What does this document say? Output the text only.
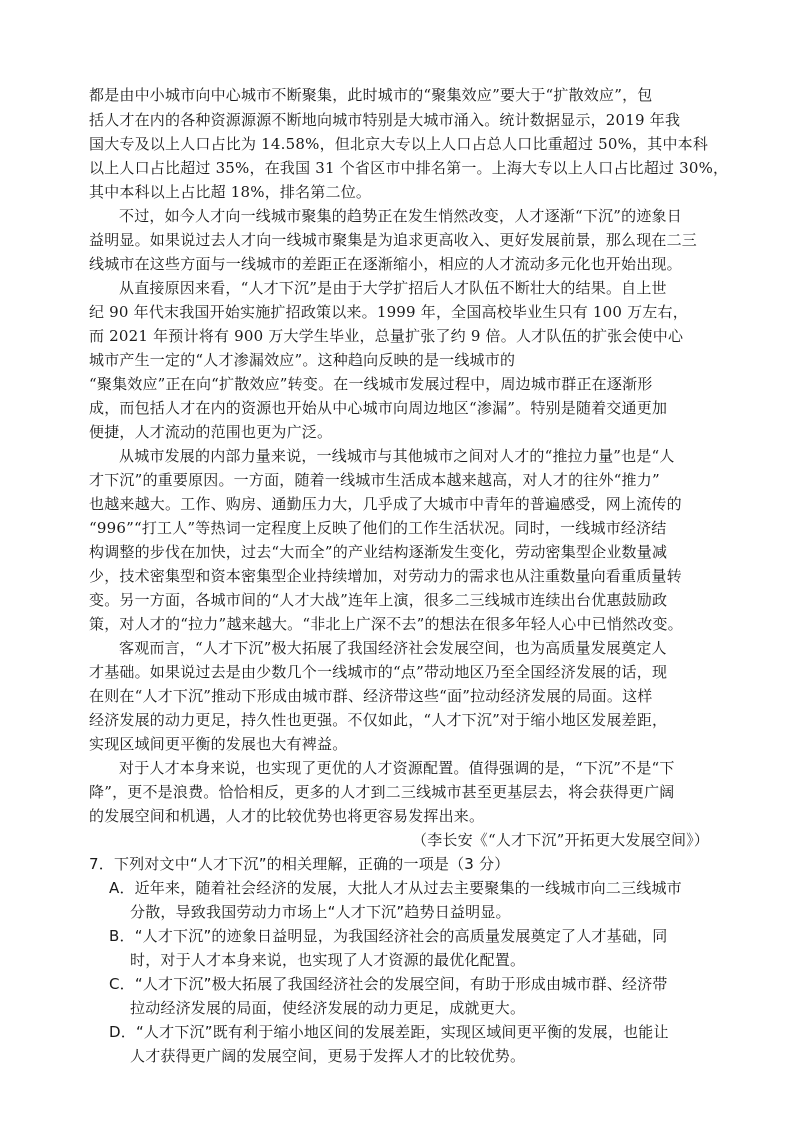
都是由中小城市向中心城市不断聚集，此时城市的“聚集效应”要大于“扩散效应”，包
括人才在内的各种资源源源不断地向城市特别是大城市涌入。统计数据显示，2019 年我
国大专及以上人口占比为 14.58%，但北京大专以上人口占总人口比重超过 50%，其中本科
以上人口占比超过 35%，在我国 31 个省区市中排名第一。上海大专以上人口占比超过 30%，
其中本科以上占比超 18%，排名第二位。
不过，如今人才向一线城市聚集的趋势正在发生悄然改变，人才逐渐“下沉”的迹象日
益明显。如果说过去人才向一线城市聚集是为追求更高收入、更好发展前景，那么现在二三
线城市在这些方面与一线城市的差距正在逐渐缩小，相应的人才流动多元化也开始出现。
从直接原因来看，“人才下沉”是由于大学扩招后人才队伍不断壮大的结果。自上世
纪 90 年代末我国开始实施扩招政策以来。1999 年，全国高校毕业生只有 100 万左右，
而 2021 年预计将有 900 万大学生毕业，总量扩张了约 9 倍。人才队伍的扩张会使中心
城市产生一定的“人才渗漏效应”。这种趋向反映的是一线城市的
“聚集效应”正在向“扩散效应”转变。在一线城市发展过程中，周边城市群正在逐渐形
成，而包括人才在内的资源也开始从中心城市向周边地区“渗漏”。特别是随着交通更加
便捷，人才流动的范围也更为广泛。
从城市发展的内部力量来说，一线城市与其他城市之间对人才的“推拉力量”也是“人
才下沉”的重要原因。一方面，随着一线城市生活成本越来越高，对人才的往外“推力”
也越来越大。工作、购房、通勤压力大，几乎成了大城市中青年的普遍感受，网上流传的
“996”“打工人”等热词一定程度上反映了他们的工作生活状况。同时，一线城市经济结
构调整的步伐在加快，过去“大而全”的产业结构逐渐发生变化，劳动密集型企业数量减
少，技术密集型和资本密集型企业持续增加，对劳动力的需求也从注重数量向看重质量转
变。另一方面，各城市间的“人才大战”连年上演，很多二三线城市连续出台优惠鼓励政
策，对人才的“拉力”越来越大。“非北上广深不去”的想法在很多年轻人心中已悄然改变。
客观而言，“人才下沉”极大拓展了我国经济社会发展空间，也为高质量发展奠定人
才基础。如果说过去是由少数几个一线城市的“点”带动地区乃至全国经济发展的话，现
在则在“人才下沉”推动下形成由城市群、经济带这些“面”拉动经济发展的局面。这样
经济发展的动力更足，持久性也更强。不仅如此，“人才下沉”对于缩小地区发展差距，
实现区域间更平衡的发展也大有裨益。
对于人才本身来说，也实现了更优的人才资源配置。值得强调的是，“下沉”不是“下
降”，更不是浪费。恰恰相反，更多的人才到二三线城市甚至更基层去，将会获得更广阔
的发展空间和机遇，人才的比较优势也将更容易发挥出来。
（李长安《“人才下沉”开拓更大发展空间》）
7．下列对文中“人才下沉”的相关理解，正确的一项是（3 分）
A．近年来，随着社会经济的发展，大批人才从过去主要聚集的一线城市向二三线城市
分散，导致我国劳动力市场上“人才下沉”趋势日益明显。
B．“人才下沉”的迹象日益明显，为我国经济社会的高质量发展奠定了人才基础，同
时，对于人才本身来说，也实现了人才资源的最优化配置。
C．“人才下沉”极大拓展了我国经济社会的发展空间，有助于形成由城市群、经济带
拉动经济发展的局面，使经济发展的动力更足，成就更大。
D．“人才下沉”既有利于缩小地区间的发展差距，实现区域间更平衡的发展，也能让
人才获得更广阔的发展空间，更易于发挥人才的比较优势。
